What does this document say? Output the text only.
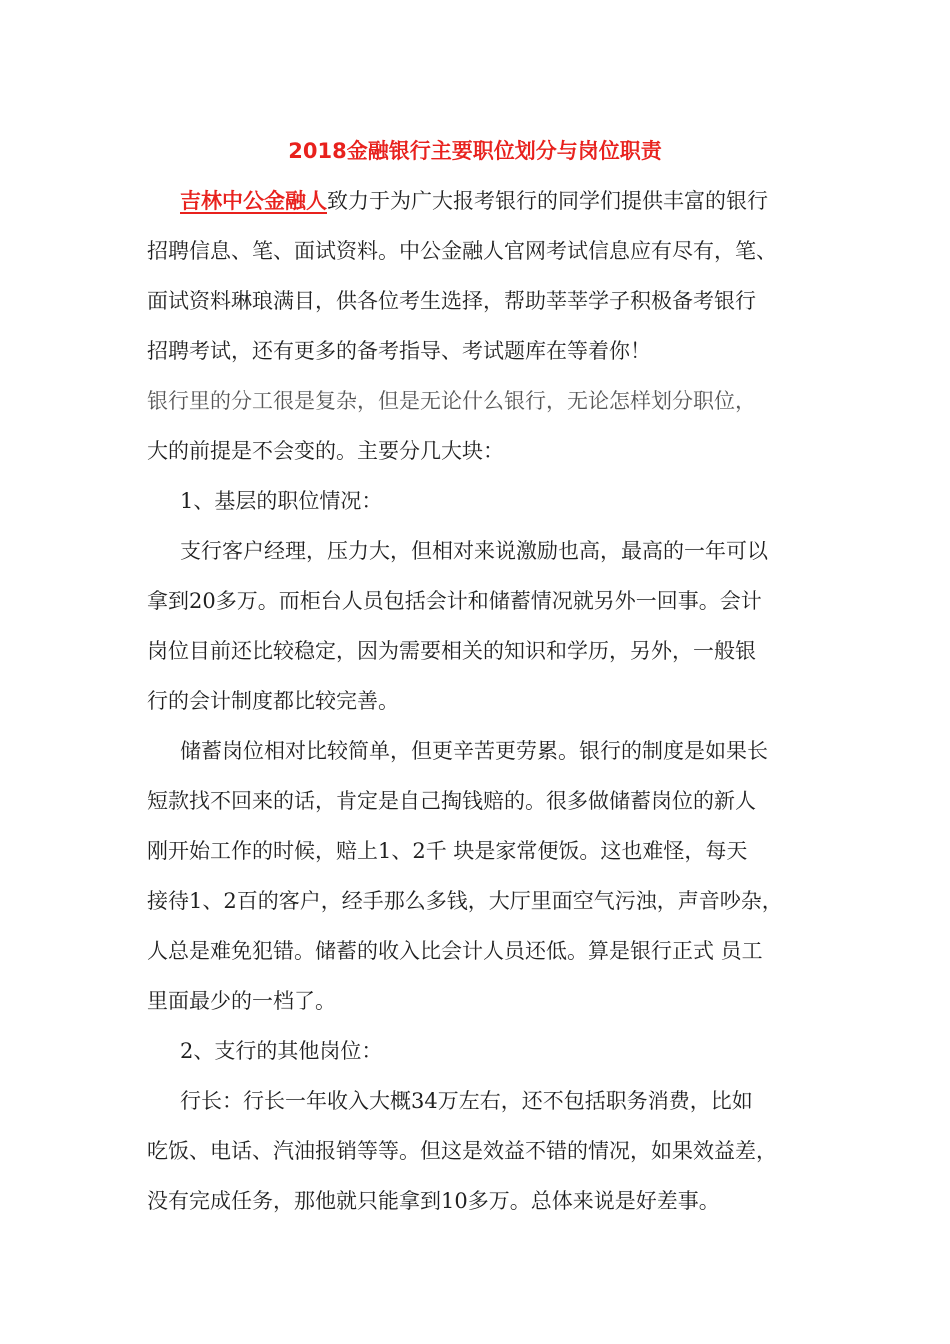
2018金融银行主要职位划分与岗位职责
吉林中公金融人致力于为广大报考银行的同学们提供丰富的银行
招聘信息、笔、面试资料。中公金融人官网考试信息应有尽有，笔、
面试资料琳琅满目，供各位考生选择，帮助莘莘学子积极备考银行
招聘考试，还有更多的备考指导、考试题库在等着你！
银行里的分工很是复杂，但是无论什么银行，无论怎样划分职位，
大的前提是不会变的。主要分几大块：
1、基层的职位情况：
支行客户经理，压力大，但相对来说激励也高，最高的一年可以
拿到20多万。而柜台人员包括会计和储蓄情况就另外一回事。会计
岗位目前还比较稳定，因为需要相关的知识和学历，另外，一般银
行的会计制度都比较完善。
储蓄岗位相对比较简单，但更辛苦更劳累。银行的制度是如果长
短款找不回来的话，肯定是自己掏钱赔的。很多做储蓄岗位的新人
刚开始工作的时候，赔上1、2千 块是家常便饭。这也难怪，每天
接待1、2百的客户，经手那么多钱，大厅里面空气污浊，声音吵杂，
人总是难免犯错。储蓄的收入比会计人员还低。算是银行正式 员工
里面最少的一档了。
2、支行的其他岗位：
行长：行长一年收入大概34万左右，还不包括职务消费，比如
吃饭、电话、汽油报销等等。但这是效益不错的情况，如果效益差，
没有完成任务，那他就只能拿到10多万。总体来说是好差事。
